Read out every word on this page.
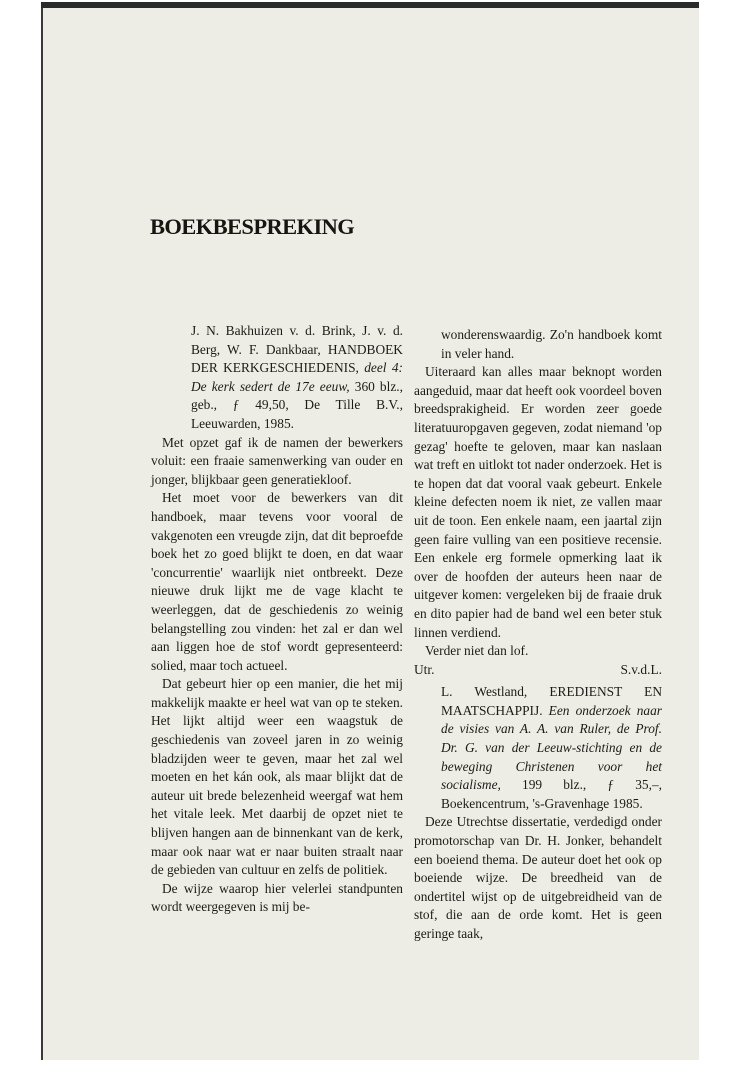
BOEKBESPREKING

J. N. Bakhuizen v. d. Brink, J. v. d. Berg, W. F. Dankbaar, HANDBOEK DER KERKGESCHIEDENIS, deel 4: De kerk sedert de 17e eeuw, 360 blz., geb., ƒ 49,50, De Tille B.V., Leeuwarden, 1985.

Met opzet gaf ik de namen der bewerkers voluit: een fraaie samenwerking van ouder en jonger, blijkbaar geen generatiekloof.

Het moet voor de bewerkers van dit handboek, maar tevens voor vooral de vakgenoten een vreugde zijn, dat dit beproefde boek het zo goed blijkt te doen, en dat waar 'concurrentie' waarlijk niet ontbreekt. Deze nieuwe druk lijkt me de vage klacht te weerleggen, dat de geschiedenis zo weinig belangstelling zou vinden: het zal er dan wel aan liggen hoe de stof wordt gepresenteerd: solied, maar toch actueel.

Dat gebeurt hier op een manier, die het mij makkelijk maakte er heel wat van op te steken. Het lijkt altijd weer een waagstuk de geschiedenis van zoveel jaren in zo weinig bladzijden weer te geven, maar het zal wel moeten en het kán ook, als maar blijkt dat de auteur uit brede belezenheid weergaf wat hem het vitale leek. Met daarbij de opzet niet te blijven hangen aan de binnenkant van de kerk, maar ook naar wat er naar buiten straalt naar de gebieden van cultuur en zelfs de politiek.

De wijze waarop hier velerlei standpunten wordt weergegeven is mij be-

wonderenswaardig. Zo'n handboek komt in veler hand.

Uiteraard kan alles maar beknopt worden aangeduid, maar dat heeft ook voordeel boven breedsprakigheid. Er worden zeer goede literatuuropgaven gegeven, zodat niemand 'op gezag' hoefte te geloven, maar kan naslaan wat treft en uitlokt tot nader onderzoek. Het is te hopen dat dat vooral vaak gebeurt. Enkele kleine defecten noem ik niet, ze vallen maar uit de toon. Een enkele naam, een jaartal zijn geen faire vulling van een positieve recensie. Een enkele erg formele opmerking laat ik over de hoofden der auteurs heen naar de uitgever komen: vergeleken bij de fraaie druk en dito papier had de band wel een beter stuk linnen verdiend.

Verder niet dan lof.

Utr.	S.v.d.L.

L. Westland, EREDIENST EN MAATSCHAPPIJ. Een onderzoek naar de visies van A. A. van Ruler, de Prof. Dr. G. van der Leeuw-stichting en de beweging Christenen voor het socialisme, 199 blz., ƒ 35,–, Boekencentrum, 's-Gravenhage 1985.

Deze Utrechtse dissertatie, verdedigd onder promotorschap van Dr. H. Jonker, behandelt een boeiend thema. De auteur doet het ook op boeiende wijze. De breedheid van de ondertitel wijst op de uitgebreidheid van de stof, die aan de orde komt. Het is geen geringe taak,
